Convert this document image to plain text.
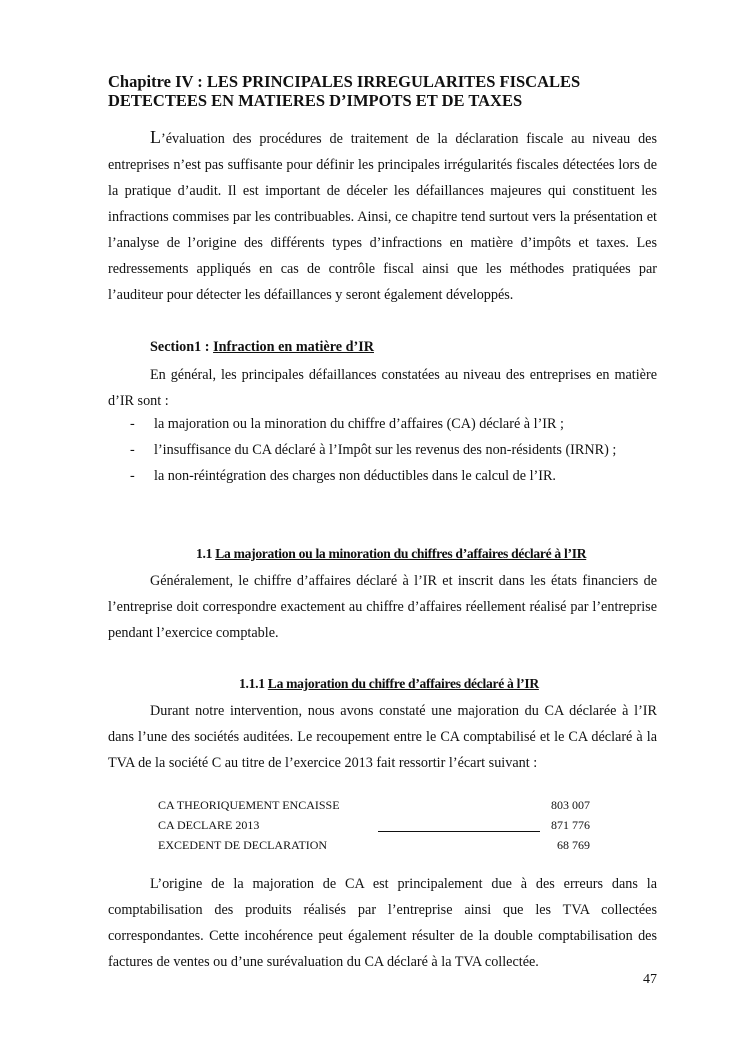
Chapitre IV : LES PRINCIPALES IRREGULARITES FISCALES DETECTEES EN MATIERES D’IMPOTS ET DE TAXES
L’évaluation des procédures de traitement de la déclaration fiscale au niveau des entreprises n’est pas suffisante pour définir les principales irrégularités fiscales détectées lors de la pratique d’audit. Il est important de déceler les défaillances majeures qui constituent les infractions commises par les contribuables. Ainsi, ce chapitre tend surtout vers la présentation et l’analyse de l’origine des différents types d’infractions en matière d’impôts et taxes. Les redressements appliqués en cas de contrôle fiscal ainsi que les méthodes pratiquées par l’auditeur pour détecter les défaillances y seront également développés.
Section1 : Infraction en matière d’IR
En général, les principales défaillances constatées au niveau des entreprises en matière d’IR sont :
- la majoration ou la minoration du chiffre d’affaires (CA) déclaré à l’IR ;
- l’insuffisance du CA déclaré à l’Impôt sur les revenus des non-résidents (IRNR) ;
- la non-réintégration des charges non déductibles dans le calcul de l’IR.
1.1 La majoration ou la minoration du chiffres d’affaires déclaré à l’IR
Généralement, le chiffre d’affaires déclaré à l’IR et inscrit dans les états financiers de l’entreprise doit correspondre exactement au chiffre d’affaires réellement réalisé par l’entreprise pendant l’exercice comptable.
1.1.1 La majoration du chiffre d’affaires déclaré à l’IR
Durant notre intervention, nous avons constaté une majoration du CA déclarée à l’IR dans l’une des sociétés auditées. Le recoupement entre le CA comptabilisé et le CA déclaré à la TVA de la société C au titre de l’exercice 2013 fait ressortir l’écart suivant :
CA THEORIQUEMENT ENCAISSE	803 007
CA DECLARE 2013	871 776
EXCEDENT DE DECLARATION	68 769
L’origine de la majoration de CA est principalement due à des erreurs dans la comptabilisation des produits réalisés par l’entreprise ainsi que les TVA collectées correspondantes. Cette incohérence peut également résulter de la double comptabilisation des factures de ventes ou d’une surévaluation du CA déclaré à la TVA collectée.
47
